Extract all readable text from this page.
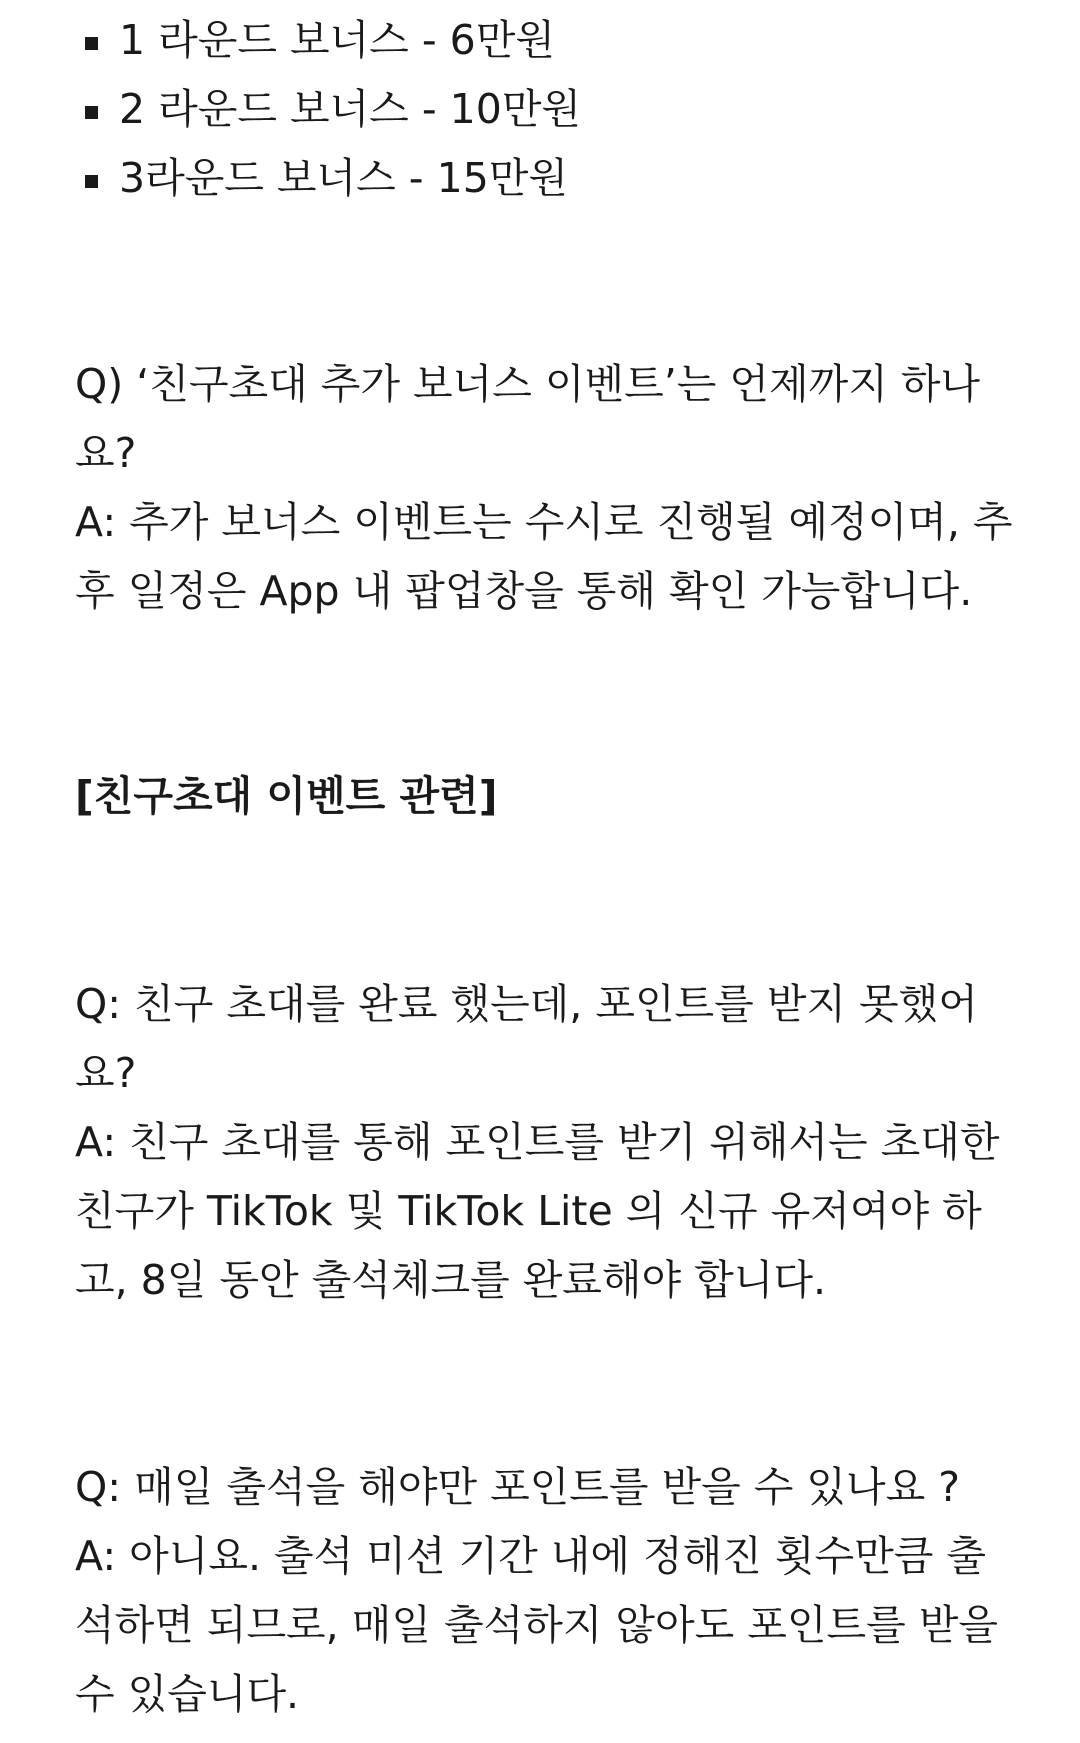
1 라운드 보너스 - 6만원
2 라운드 보너스 - 10만원
3라운드 보너스 - 15만원

Q) ‘친구초대 추가 보너스 이벤트’는 언제까지 하나요?

A: 추가 보너스 이벤트는 수시로 진행될 예정이며, 추후 일정은 App 내 팝업창을 통해 확인 가능합니다.

[친구초대 이벤트 관련]

Q: 친구 초대를 완료 했는데, 포인트를 받지 못했어요?

A: 친구 초대를 통해 포인트를 받기 위해서는 초대한 친구가 TikTok 및 TikTok Lite 의 신규 유저여야 하고, 8일 동안 출석체크를 완료해야 합니다.

Q: 매일 출석을 해야만 포인트를 받을 수 있나요 ?

A: 아니요. 출석 미션 기간 내에 정해진 횟수만큼 출석하면 되므로, 매일 출석하지 않아도 포인트를 받을 수 있습니다.
